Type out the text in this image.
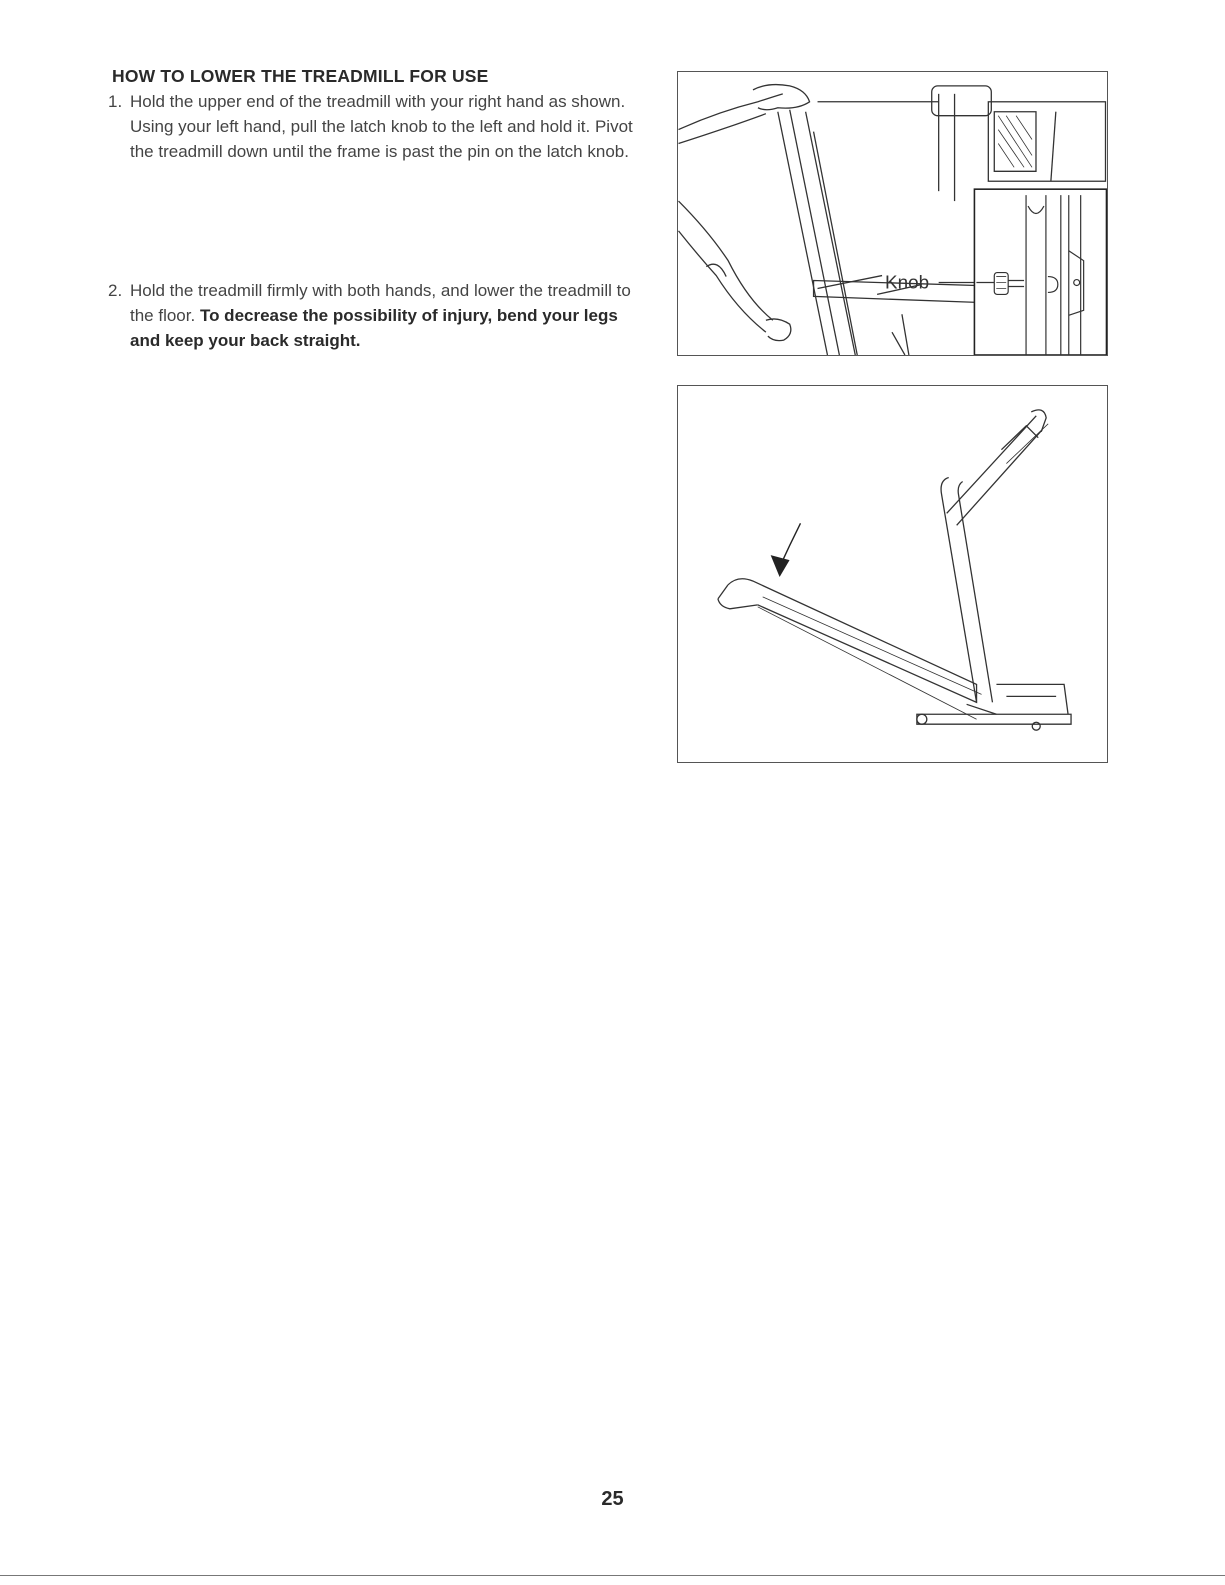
HOW TO LOWER THE TREADMILL FOR USE
1. Hold the upper end of the treadmill with your right hand as shown. Using your left hand, pull the latch knob to the left and hold it. Pivot the treadmill down until the frame is past the pin on the latch knob.
2. Hold the treadmill firmly with both hands, and lower the treadmill to the floor. To decrease the possibility of injury, bend your legs and keep your back straight.
Knob
25
